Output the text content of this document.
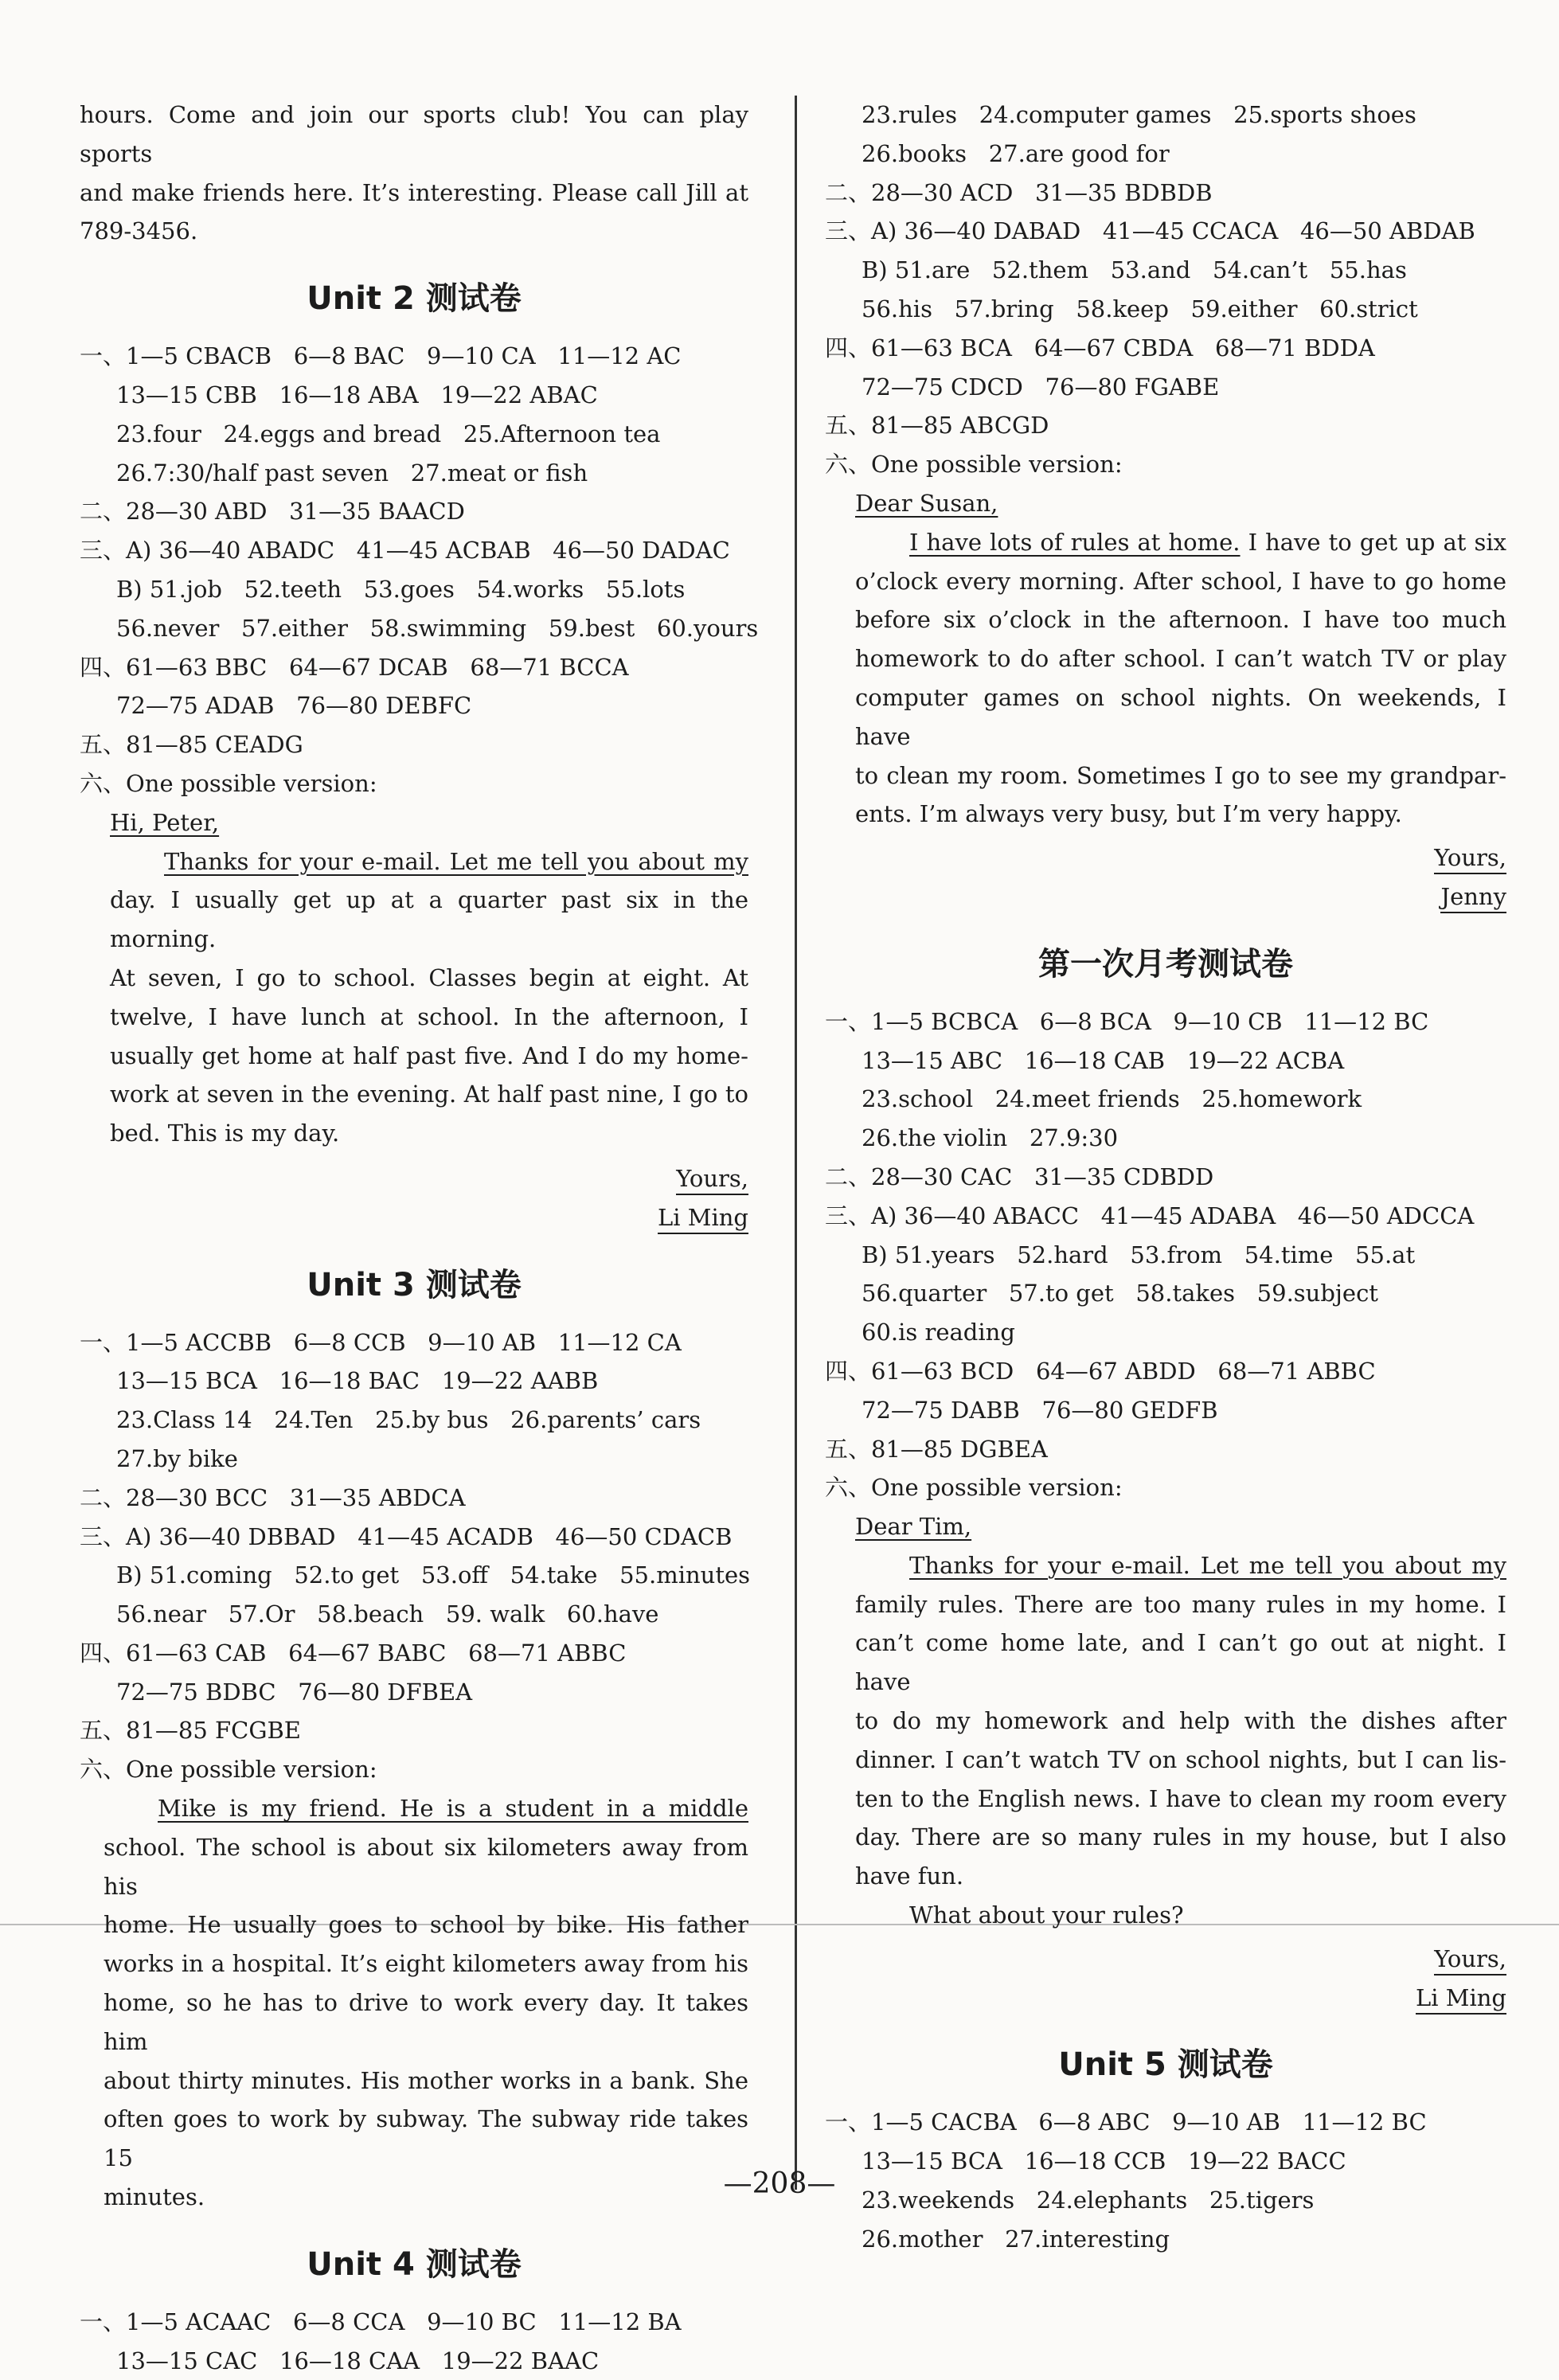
hours. Come and join our sports club! You can play sports
and make friends here. It’s interesting. Please call Jill at
789-3456.
Unit 2 测试卷
一、1—5 CBACB   6—8 BAC   9—10 CA   11—12 AC
13—15 CBB   16—18 ABA   19—22 ABAC
23.four   24.eggs and bread   25.Afternoon tea
26.7:30/half past seven   27.meat or fish
二、28—30 ABD   31—35 BAACD
三、A) 36—40 ABADC   41—45 ACBAB   46—50 DADAC
B) 51.job   52.teeth   53.goes   54.works   55.lots
56.never   57.either   58.swimming   59.best   60.yours
四、61—63 BBC   64—67 DCAB   68—71 BCCA
72—75 ADAB   76—80 DEBFC
五、81—85 CEADG
六、One possible version:
Hi, Peter,
Thanks for your e-mail. Let me tell you about my
day. I usually get up at a quarter past six in the morning.
At seven, I go to school. Classes begin at eight. At
twelve, I have lunch at school. In the afternoon, I
usually get home at half past five. And I do my home-
work at seven in the evening. At half past nine, I go to
bed. This is my day.
Yours,
Li Ming
Unit 3 测试卷
一、1—5 ACCBB   6—8 CCB   9—10 AB   11—12 CA
13—15 BCA   16—18 BAC   19—22 AABB
23.Class 14   24.Ten   25.by bus   26.parents’ cars
27.by bike
二、28—30 BCC   31—35 ABDCA
三、A) 36—40 DBBAD   41—45 ACADB   46—50 CDACB
B) 51.coming   52.to get   53.off   54.take   55.minutes
56.near   57.Or   58.beach   59. walk   60.have
四、61—63 CAB   64—67 BABC   68—71 ABBC
72—75 BDBC   76—80 DFBEA
五、81—85 FCGBE
六、One possible version:
Mike is my friend. He is a student in a middle
school. The school is about six kilometers away from his
home. He usually goes to school by bike. His father
works in a hospital. It’s eight kilometers away from his
home, so he has to drive to work every day. It takes him
about thirty minutes. His mother works in a bank. She
often goes to work by subway. The subway ride takes 15
minutes.
Unit 4 测试卷
一、1—5 ACAAC   6—8 CCA   9—10 BC   11—12 BA
13—15 CAC   16—18 CAA   19—22 BAAC
23.rules   24.computer games   25.sports shoes
26.books   27.are good for
二、28—30 ACD   31—35 BDBDB
三、A) 36—40 DABAD   41—45 CCACA   46—50 ABDAB
B) 51.are   52.them   53.and   54.can’t   55.has
56.his   57.bring   58.keep   59.either   60.strict
四、61—63 BCA   64—67 CBDA   68—71 BDDA
72—75 CDCD   76—80 FGABE
五、81—85 ABCGD
六、One possible version:
Dear Susan,
I have lots of rules at home. I have to get up at six
o’clock every morning. After school, I have to go home
before six o’clock in the afternoon. I have too much
homework to do after school. I can’t watch TV or play
computer games on school nights. On weekends, I have
to clean my room. Sometimes I go to see my grandpar-
ents. I’m always very busy, but I’m very happy.
Yours,
Jenny
第一次月考测试卷
一、1—5 BCBCA   6—8 BCA   9—10 CB   11—12 BC
13—15 ABC   16—18 CAB   19—22 ACBA
23.school   24.meet friends   25.homework
26.the violin   27.9:30
二、28—30 CAC   31—35 CDBDD
三、A) 36—40 ABACC   41—45 ADABA   46—50 ADCCA
B) 51.years   52.hard   53.from   54.time   55.at
56.quarter   57.to get   58.takes   59.subject
60.is reading
四、61—63 BCD   64—67 ABDD   68—71 ABBC
72—75 DABB   76—80 GEDFB
五、81—85 DGBEA
六、One possible version:
Dear Tim,
Thanks for your e-mail. Let me tell you about my
family rules. There are too many rules in my home. I
can’t come home late, and I can’t go out at night. I have
to do my homework and help with the dishes after
dinner. I can’t watch TV on school nights, but I can lis-
ten to the English news. I have to clean my room every
day. There are so many rules in my house, but I also
have fun.
What about your rules?
Yours,
Li Ming
Unit 5 测试卷
一、1—5 CACBA   6—8 ABC   9—10 AB   11—12 BC
13—15 BCA   16—18 CCB   19—22 BACC
23.weekends   24.elephants   25.tigers
26.mother   27.interesting
—208—
